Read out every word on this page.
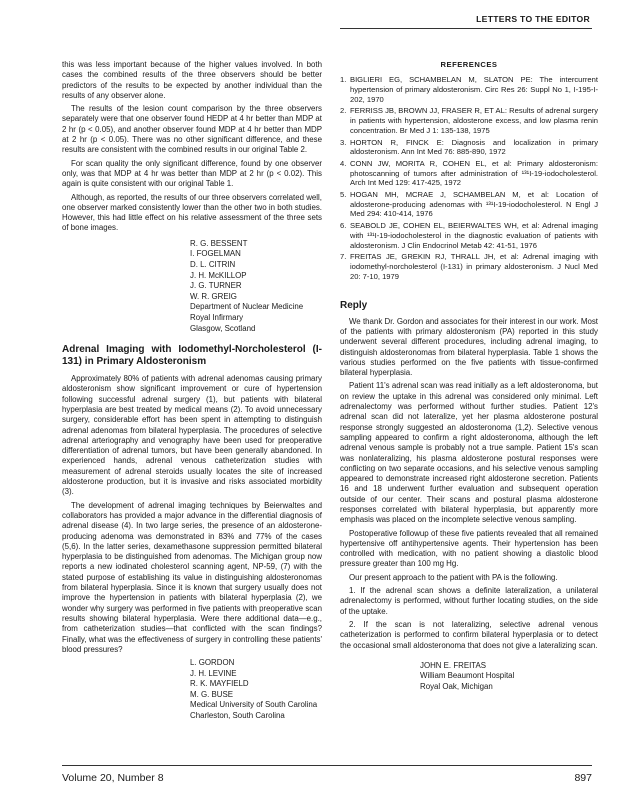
LETTERS TO THE EDITOR

this was less important because of the higher values involved. In both cases the combined results of the three observers should be better predictors of the results to be expected by another individual than the results of any observer alone.

The results of the lesion count comparison by the three observers separately were that one observer found HEDP at 4 hr better than MDP at 2 hr (p < 0.05), and another observer found MDP at 4 hr better than MDP at 2 hr (p < 0.05). There was no other significant difference, and these results are consistent with the combined results in our original Table 2.

For scan quality the only significant difference, found by one observer only, was that MDP at 4 hr was better than MDP at 2 hr (p < 0.02). This again is quite consistent with our original Table 1.

Although, as reported, the results of our three observers correlated well, one observer marked consistently lower than the other two in both studies. However, this had little effect on his relative assessment of the three sets of bone images.

R. G. BESSENT
I. FOGELMAN
D. L. CITRIN
J. H. McKILLOP
J. G. TURNER
W. R. GREIG
Department of Nuclear Medicine
Royal Infirmary
Glasgow, Scotland
Adrenal Imaging with Iodomethyl-Norcholesterol (I-131) in Primary Aldosteronism

Approximately 80% of patients with adrenal adenomas causing primary aldosteronism show significant improvement or cure of hypertension following successful adrenal surgery (1), but patients with bilateral hyperplasia are best treated by medical means (2). To avoid unnecessary surgery, considerable effort has been spent in attempting to distinguish adrenal adenomas from bilateral hyperplasia. The procedures of selective adrenal arteriography and venography have been used for preoperative differentiation of adrenal tumors, but have been generally abandoned. In experienced hands, adrenal venous catheterization studies with measurement of adrenal steroids usually locates the site of increased aldosterone production, but it is invasive and risks associated morbidity (3).

The development of adrenal imaging techniques by Beierwaltes and collaborators has provided a major advance in the differential diagnosis of adrenal disease (4). In two large series, the presence of an aldosterone-producing adenoma was demonstrated in 83% and 77% of the cases (5,6). In the latter series, dexamethasone suppression permitted bilateral hyperplasia to be distinguished from adenomas. The Michigan group now reports a new iodinated cholesterol scanning agent, NP-59, (7) with the stated purpose of establishing its value in distinguishing aldosteronomas from bilateral hyperplasia. Since it is known that surgery usually does not improve the hypertension in patients with bilateral hyperplasia (2), we wonder why surgery was performed in five patients with preoperative scan results showing bilateral hyperplasia. Were there additional data—e.g., from catheterization studies—that conflicted with the scan findings? Finally, what was the effectiveness of surgery in controlling these patients' blood pressures?

L. GORDON
J. H. LEVINE
R. K. MAYFIELD
M. G. BUSE
Medical University of South Carolina
Charleston, South Carolina
REFERENCES
1. BIGLIERI EG, SCHAMBELAN M, SLATON PE: The intercurrent hypertension of primary aldosteronism. Circ Res 26: Suppl No 1, I-195-I-202, 1970
2. FERRISS JB, BROWN JJ, FRASER R, ET AL: Results of adrenal surgery in patients with hypertension, aldosterone excess, and low plasma renin concentration. Br Med J 1: 135-138, 1975
3. HORTON R, FINCK E: Diagnosis and localization in primary aldosteronism. Ann Int Med 76: 885-890, 1972
4. CONN JW, MORITA R, COHEN EL, et al: Primary aldosteronism: photoscanning of tumors after administration of ¹³¹I-19-iodocholesterol. Arch Int Med 129: 417-425, 1972
5. HOGAN MH, MCRAE J, SCHAMBELAN M, et al: Location of aldosterone-producing adenomas with ¹³¹I-19-iodocholesterol. N Engl J Med 294: 410-414, 1976
6. SEABOLD JE, COHEN EL, BEIERWALTES WH, et al: Adrenal imaging with ¹³¹I-19-iodocholesterol in the diagnostic evaluation of patients with aldosteronism. J Clin Endocrinol Metab 42: 41-51, 1976
7. FREITAS JE, GREKIN RJ, THRALL JH, et al: Adrenal imaging with iodomethyl-norcholesterol (I-131) in primary aldosteronism. J Nucl Med 20: 7-10, 1979
Reply

We thank Dr. Gordon and associates for their interest in our work. Most of the patients with primary aldosteronism (PA) reported in this study underwent several different procedures, including adrenal imaging, to distinguish aldosteronomas from bilateral hyperplasia. Table 1 shows the various studies performed on the five patients with tissue-confirmed bilateral hyperplasia.

Patient 11's adrenal scan was read initially as a left aldosteronoma, but on review the uptake in this adrenal was considered only minimal. Left adrenalectomy was performed without further studies. Patient 12's adrenal scan did not lateralize, yet her plasma aldosterone postural response strongly suggested an aldosteronoma (1,2). Selective venous sampling appeared to confirm a right aldosteronoma, although the left adrenal venous sample is probably not a true sample. Patient 15's scan was nonlateralizing, his plasma aldosterone postural responses were conflicting on two separate occasions, and his selective venous sampling appeared to demonstrate increased right aldosterone secretion. Patients 16 and 18 underwent further evaluation and subsequent operation outside of our center. Their scans and postural plasma aldosterone responses correlated with bilateral hyperplasia, but apparently more emphasis was placed on the incomplete selective venous sampling.

Postoperative followup of these five patients revealed that all remained hypertensive off antihypertensive agents. Their hypertension has been controlled with medication, with no patient showing a diastolic blood pressure greater than 100 mg Hg.

Our present approach to the patient with PA is the following.

1. If the adrenal scan shows a definite lateralization, a unilateral adrenalectomy is performed, without further locating studies, on the side of the uptake.

2. If the scan is not lateralizing, selective adrenal venous catheterization is performed to confirm bilateral hyperplasia or to detect the occasional small aldosteronoma that does not give a lateralizing scan.

JOHN E. FREITAS
William Beaumont Hospital
Royal Oak, Michigan
Volume 20, Number 8	897
